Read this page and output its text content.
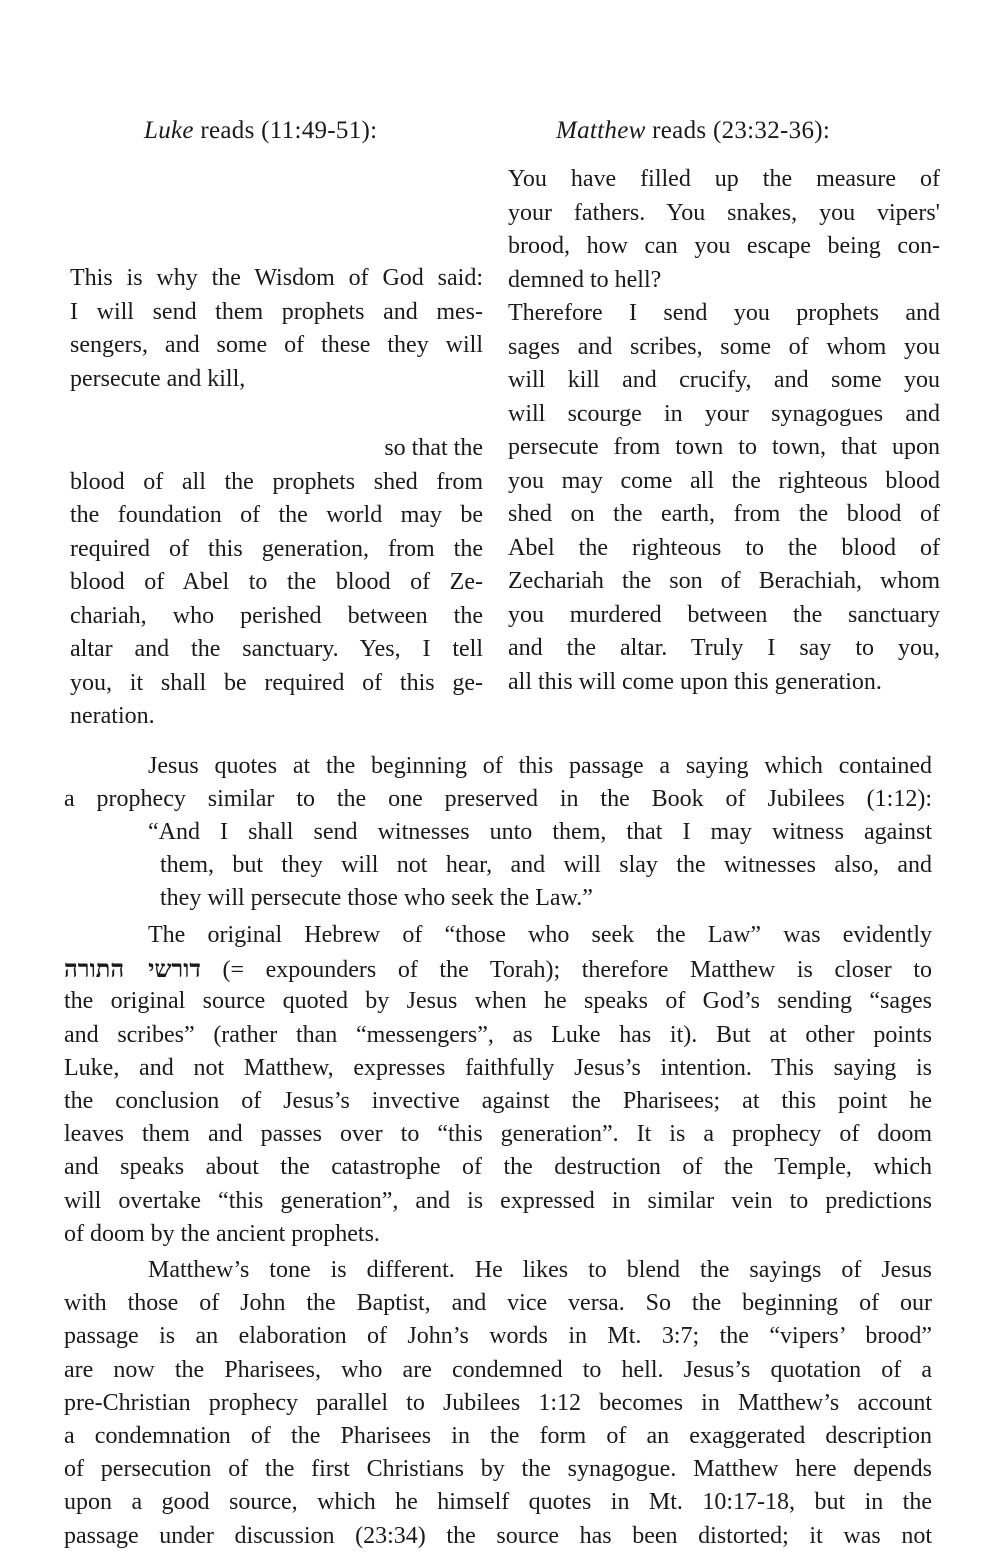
Luke reads (11:49-51):	Matthew reads (23:32-36):
This is why the Wisdom of God said:
I will send them prophets and mes-
sengers, and some of these they will
persecute and kill,
so that the
blood of all the prophets shed from
the foundation of the world may be
required of this generation, from the
blood of Abel to the blood of Ze-
chariah, who perished between the
altar and the sanctuary. Yes, I tell
you, it shall be required of this ge-
neration.
You have filled up the measure of
your fathers. You snakes, you vipers'
brood, how can you escape being con-
demned to hell?
Therefore I send you prophets and
sages and scribes, some of whom you
will kill and crucify, and some you
will scourge in your synagogues and
persecute from town to town, that upon
you may come all the righteous blood
shed on the earth, from the blood of
Abel the righteous to the blood of
Zechariah the son of Berachiah, whom
you murdered between the sanctuary
and the altar. Truly I say to you,
all this will come upon this generation.
Jesus quotes at the beginning of this passage a saying which contained
a prophecy similar to the one preserved in the Book of Jubilees (1:12):
“And I shall send witnesses unto them, that I may witness against
them, but they will not hear, and will slay the witnesses also, and
they will persecute those who seek the Law.”
The original Hebrew of “those who seek the Law” was evidently
דורשי התורה (= expounders of the Torah); therefore Matthew is closer to
the original source quoted by Jesus when he speaks of God’s sending “sages
and scribes” (rather than “messengers”, as Luke has it). But at other points
Luke, and not Matthew, expresses faithfully Jesus’s intention. This saying is
the conclusion of Jesus’s invective against the Pharisees; at this point he
leaves them and passes over to “this generation”. It is a prophecy of doom
and speaks about the catastrophe of the destruction of the Temple, which
will overtake “this generation”, and is expressed in similar vein to predictions
of doom by the ancient prophets.
Matthew’s tone is different. He likes to blend the sayings of Jesus
with those of John the Baptist, and vice versa. So the beginning of our
passage is an elaboration of John’s words in Mt. 3:7; the “vipers’ brood”
are now the Pharisees, who are condemned to hell. Jesus’s quotation of a
pre-Christian prophecy parallel to Jubilees 1:12 becomes in Matthew’s account
a condemnation of the Pharisees in the form of an exaggerated description
of persecution of the first Christians by the synagogue. Matthew here depends
upon a good source, which he himself quotes in Mt. 10:17-18, but in the
passage under discussion (23:34) the source has been distorted; it was not
